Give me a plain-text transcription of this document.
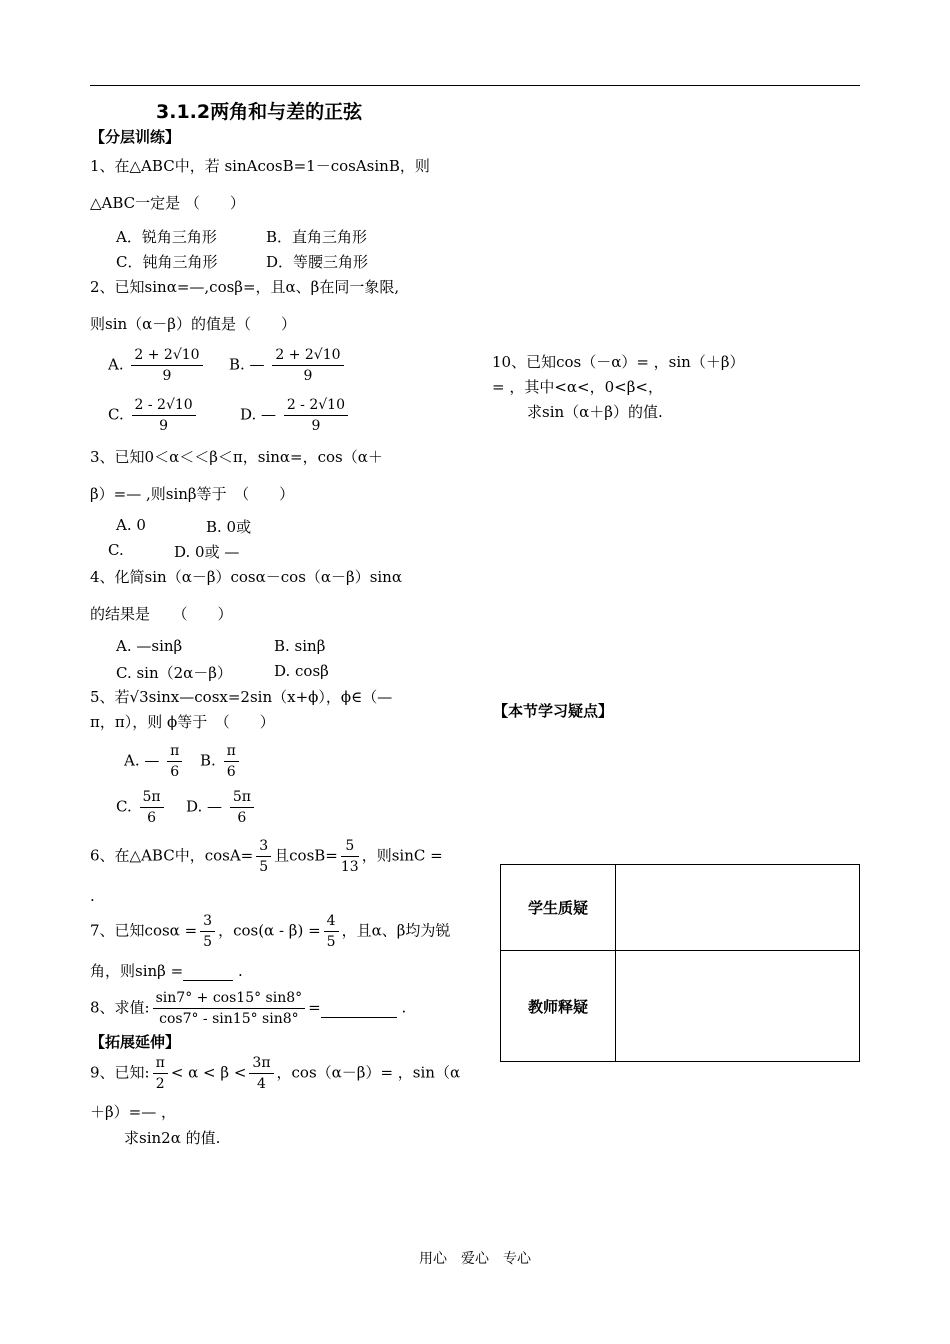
3.1.2两角和与差的正弦
【分层训练】
1、在△ABC中，若 sinAcosB=1－cosAsinB，则
△ABC一定是 （　　）
A．锐角三角形	B．直角三角形
C．钝角三角形	D．等腰三角形
2、已知sinα=—,cosβ=，且α、β在同一象限,
则sin（α－β）的值是（　　）
A. $\frac{2 + 2√10}{9} B$. — $\frac{2 + 2√10}{9}$
C. $\frac{2 - 2√10}{9}$	D. — $\frac{2 - 2√10}{9}$
3、已知0＜α＜＜β＜π，sinα=，cos（α＋
β）=— ,则sinβ等于　（　　）
A. 0	B. 0或
C.	D. 0或 —
4、化简sin（α－β）cosα－cos（α－β）sinα
的结果是　　（　　）
A. —sinβ	B. sinβ
C. sin（2α－β）	D. cosβ
5、若√3sinx—cosx=2sin（x+ϕ），ϕ∈（—
π，π），则 ϕ等于　（　　）
A. — $\frac{\pi}{6} B$. $\frac{\pi}{6}$
C. $\frac{5\pi}{6} D$. — $\frac{5\pi}{6}$
6、在△ABC中，$\cos A= \frac{3}{5}$ 且$\cos B= \frac{5}{13}$ ，则sinC =
.
7、已知$\cos\alpha = \frac{3}{5}$ ，$\cos(\alpha - \beta) = \frac{4}{5}$ ，且α、β均为锐
角，则sinβ =	.
8、求值: $\frac{\sin 7^\circ + \cos 15^\circ \sin 8^\circ}{\cos 7^\circ - \sin 15^\circ \sin 8^\circ}$ =	.
【拓展延伸】
9、已知: $\frac{\pi}{2} < \alpha < \beta < \frac{3\pi}{4}$ ，cos（α－β）= ，sin（α
＋β）=— ，
求sin2α 的值.
10、已知cos（－α）= ，sin（＋β）
= ，其中<α<，0<β<，
求sin（α＋β）的值.
【本节学习疑点】
学生质疑	
教师释疑	
用心　爱心　专心
